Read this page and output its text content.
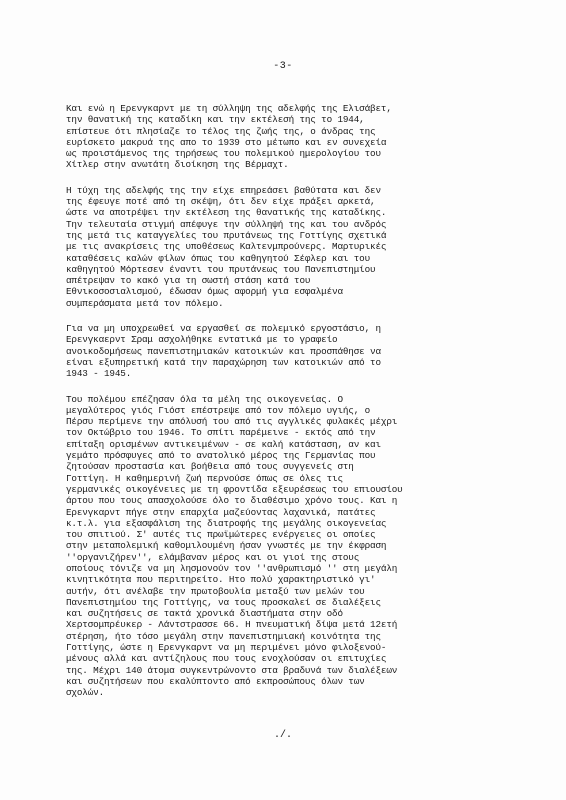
-3-
Και ενώ η Ερενγκαρντ με τη σύλληψη της αδελφής της Ελισάβετ,
την θανατική της καταδίκη και την εκτέλεσή της το 1944,
επίστευε ότι πλησίαζε το τέλος της ζωής της, ο άνδρας της
ευρίσκετο μακρυά της απο το 1939 στο μέτωπο και εν συνεχεία
ως προιστάμενος της τηρήσεως του πολεμικού ημερολογίου του
Χίτλερ στην ανωτάτη διοίκηση της Βέρμαχτ.
Η τύχη της αδελφής της την είχε επηρεάσει βαθύτατα και δεν
της έφευγε ποτέ από τη σκέψη, ότι δεν είχε πράξει αρκετά,
ώστε να αποτρέψει την εκτέλεση της θανατικής της καταδίκης.
Την τελευταία στιγμή απέφυγε την σύλληψή της και του ανδρός
της μετά τις καταγγελίες του πρυτάνεως της Γοττίγης σχετικά
με τις ανακρίσεις της υποθέσεως Καλτενμπρούνερς. Μαρτυρικές
καταθέσεις καλών φίλων όπως του καθηγητού Σέφλερ και του
καθηγητού Μόρτεσεν έναντι του πρυτάνεως του Πανεπιστημίου
απέτρεψαν το κακό για τη σωστή στάση κατά του
Εθνικοσοσιαλισμού, έδωσαν όμως αφορμή για εσφαλμένα
συμπεράσματα μετά τον πόλεμο.
Για να μη υποχρεωθεί να εργασθεί σε πολεμικό εργοστάσιο, η
Ερενγκαερντ Σραμ ασχολήθηκε εντατικά με το γραφείο
ανοικοδομήσεως πανεπιστημιακών κατοικιών και προσπάθησε να
είναι εξυπηρετική κατά την παραχώρηση των κατοικιών από το
1943 - 1945.
Του πολέμου επέζησαν όλα τα μέλη της οικογενείας. Ο
μεγαλύτερος γιός Γιόστ επέστρεψε από τον πόλεμο υγιής, ο
Πέρσυ περίμενε την απόλυσή του από τις αγγλικές φυλακές μέχρι
τον Οκτώβριο του 1946. Το σπίτι παρέμεινε - εκτός από την
επίταξη ορισμένων αντικειμένων - σε καλή κατάσταση, αν και
γεμάτο πρόσφυγες από το ανατολικό μέρος της Γερμανίας που
ζητούσαν προστασία και βοήθεια από τους συγγενείς στη
Γοττίγη. Η καθημερινή ζωή περνούσε όπως σε όλες τις
γερμανικές οικογένειες με τη φροντίδα εξευρέσεως του επιουσίου
άρτου που τους απασχολούσε όλο το διαθέσιμο χρόνο τους. Και η
Ερενγκαρντ πήγε στην επαρχία μαζεύοντας λαχανικά, πατάτες
κ.τ.λ. για εξασφάλιση της διατροφής της μεγάλης οικογενείας
του σπιτιού. Σ' αυτές τις πρωϊμώτερες ενέργειες οι οποίες
στην μεταπολεμική καθομιλουμένη ήσαν γνωστές με την έκφραση
''οργανιζήρεν'', ελάμβαναν μέρος και οι γιοί της στους
οποίους τόνιζε να μη λησμονούν τον ''ανθρωπισμό '' στη μεγάλη
κινητικότητα που περιτηρείτο. Ητο πολύ χαρακτηριστικό γι'
αυτήν, ότι ανέλαβε την πρωτοβουλία μεταξύ των μελών του
Πανεπιστημίου της Γοττίγης, να τους προσκαλεί σε διαλέξεις
και συζητήσεις σε τακτά χρονικά διαστήματα στην οδό
Χερτσομπρέυκερ - Λάντστρασσε 66. Η πνευματική δίψα μετά 12ετή
στέρηση, ήτο τόσο μεγάλη στην πανεπιστημιακή κοινότητα της
Γοττίγης, ώστε η Ερενγκαρντ να μη περιμένει μόνο φιλοξενού-
μένους αλλά και αντίζηλους που τους ενοχλούσαν οι επιτυχίες
της. Μέχρι 140 άτομα συγκεντρώνοντο στα βραδυνά των διαλέξεων
και συζητήσεων που εκαλύπτοντο από εκπροσώπους όλων των
σχολών.
./.
